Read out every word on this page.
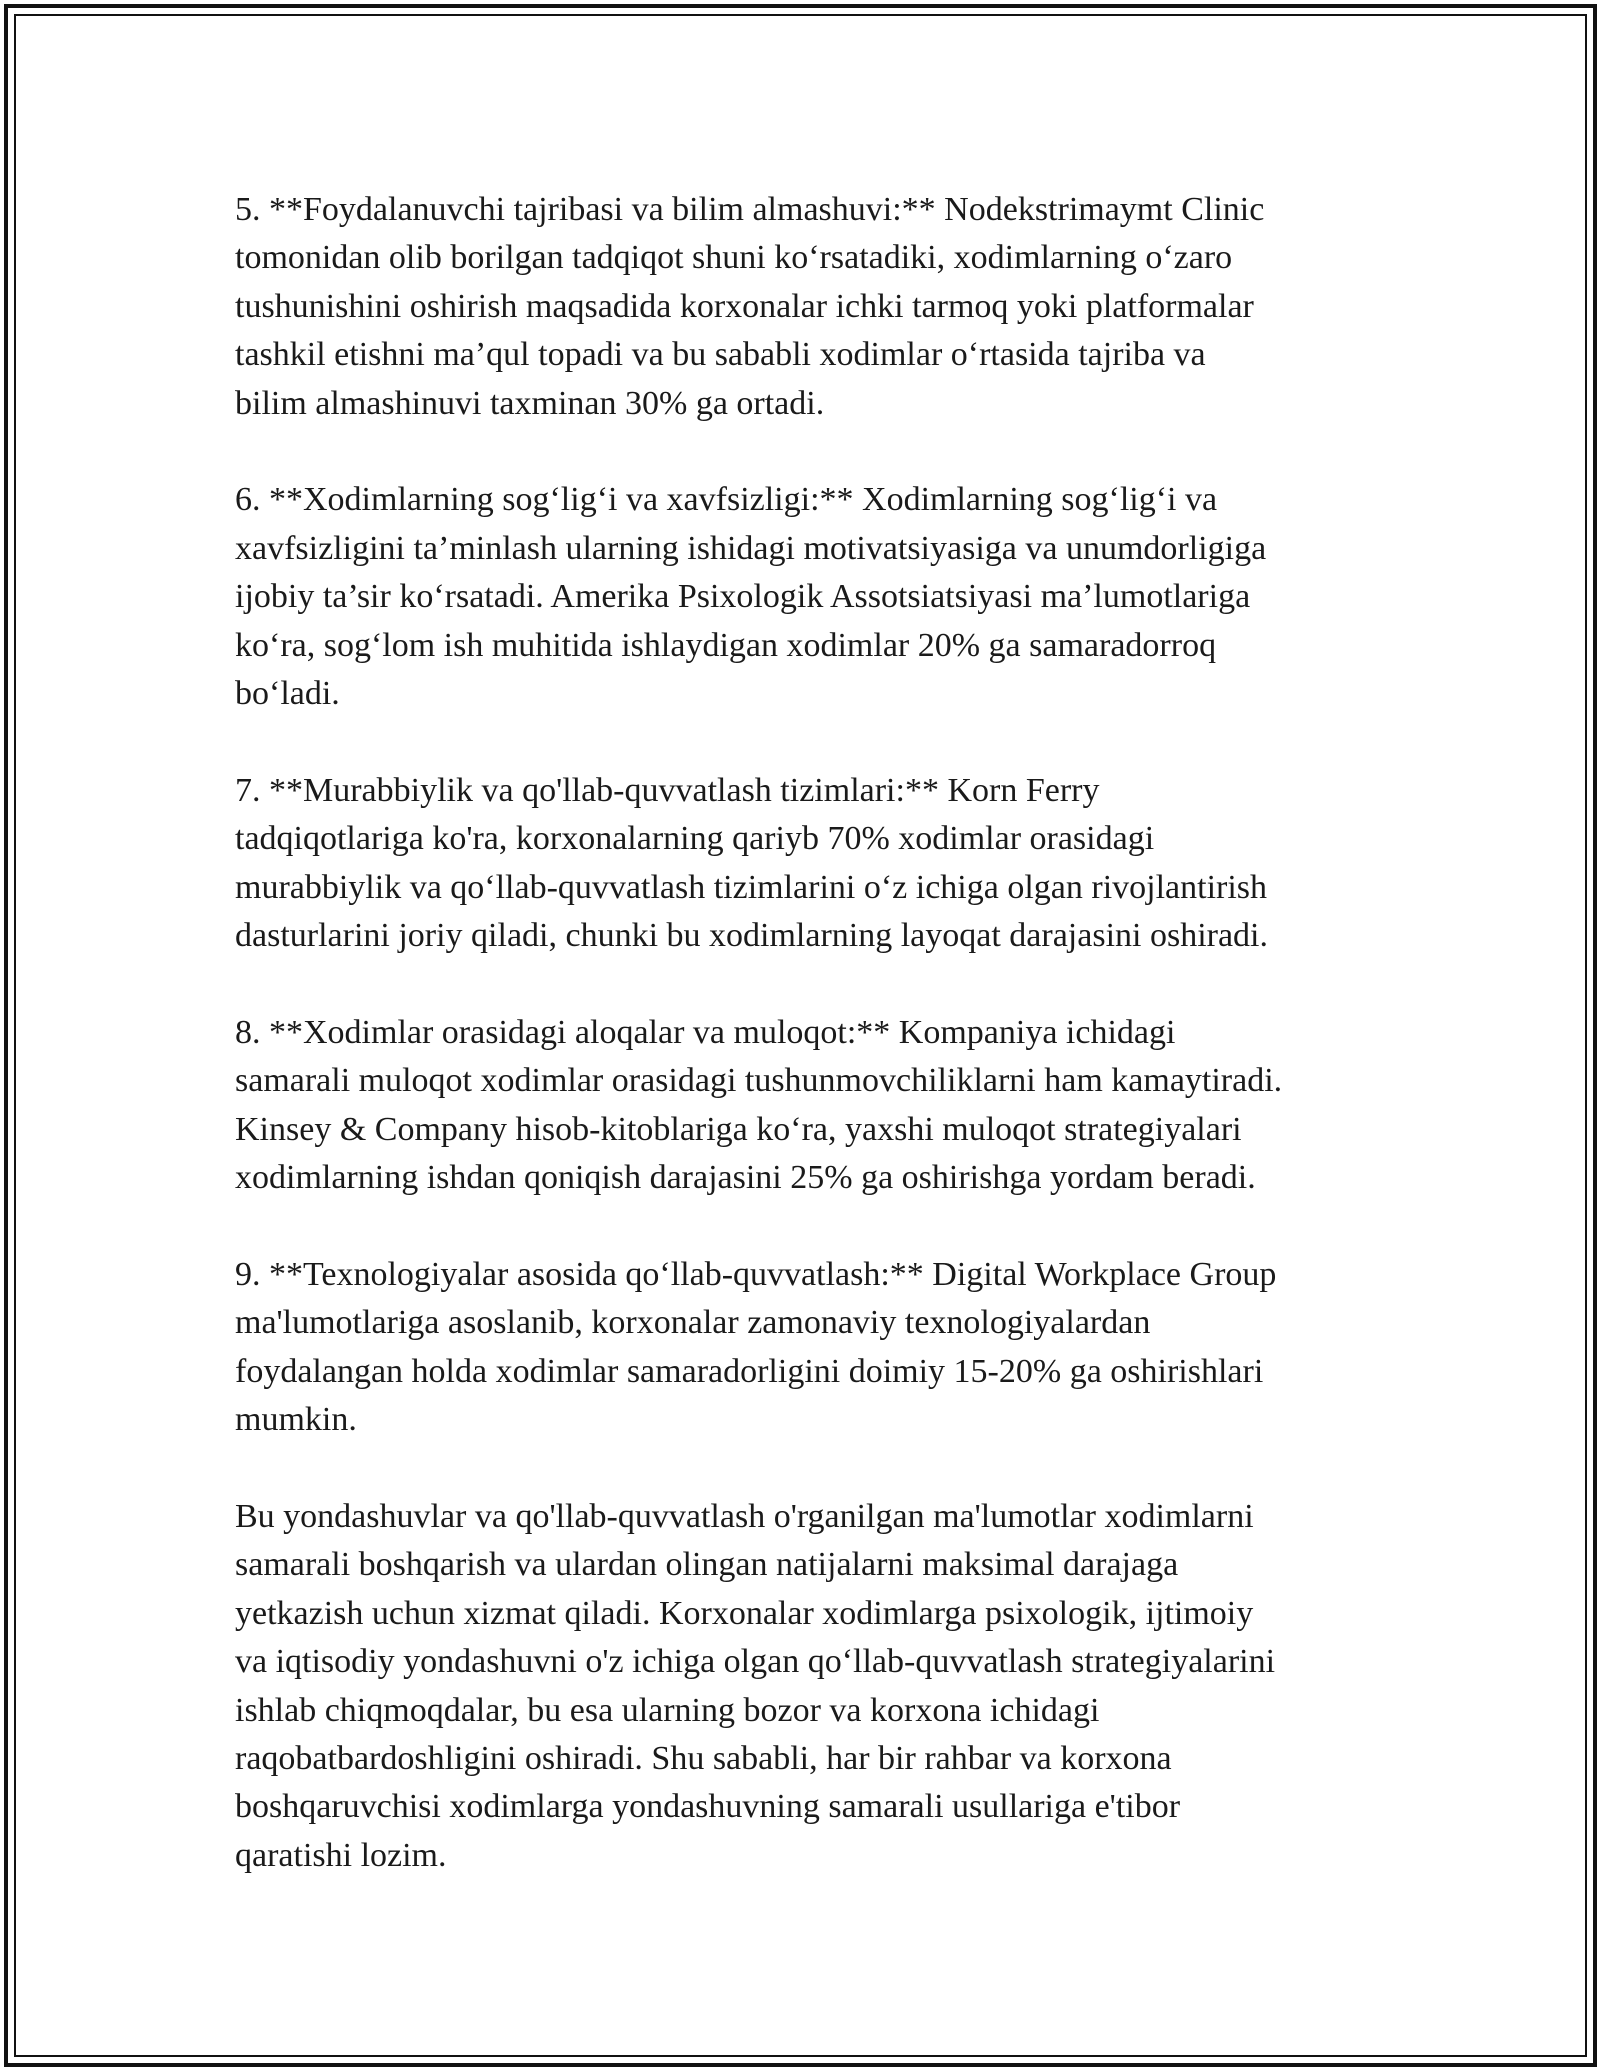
5. **Foydalanuvchi tajribasi va bilim almashuvi:** Nodekstrimaymt Clinic
tomonidan olib borilgan tadqiqot shuni ko‘rsatadiki, xodimlarning o‘zaro
tushunishini oshirish maqsadida korxonalar ichki tarmoq yoki platformalar
tashkil etishni ma’qul topadi va bu sababli xodimlar o‘rtasida tajriba va
bilim almashinuvi taxminan 30% ga ortadi.

6. **Xodimlarning sog‘lig‘i va xavfsizligi:** Xodimlarning sog‘lig‘i va
xavfsizligini ta’minlash ularning ishidagi motivatsiyasiga va unumdorligiga
ijobiy ta’sir ko‘rsatadi. Amerika Psixologik Assotsiatsiyasi ma’lumotlariga
ko‘ra, sog‘lom ish muhitida ishlaydigan xodimlar 20% ga samaradorroq
bo‘ladi.

7. **Murabbiylik va qo'llab-quvvatlash tizimlari:** Korn Ferry
tadqiqotlariga ko'ra, korxonalarning qariyb 70% xodimlar orasidagi
murabbiylik va qo‘llab-quvvatlash tizimlarini o‘z ichiga olgan rivojlantirish
dasturlarini joriy qiladi, chunki bu xodimlarning layoqat darajasini oshiradi.

8. **Xodimlar orasidagi aloqalar va muloqot:** Kompaniya ichidagi
samarali muloqot xodimlar orasidagi tushunmovchiliklarni ham kamaytiradi.
Kinsey & Company hisob-kitoblariga ko‘ra, yaxshi muloqot strategiyalari
xodimlarning ishdan qoniqish darajasini 25% ga oshirishga yordam beradi.

9. **Texnologiyalar asosida qo‘llab-quvvatlash:** Digital Workplace Group
ma'lumotlariga asoslanib, korxonalar zamonaviy texnologiyalardan
foydalangan holda xodimlar samaradorligini doimiy 15-20% ga oshirishlari
mumkin.

Bu yondashuvlar va qo'llab-quvvatlash o'rganilgan ma'lumotlar xodimlarni
samarali boshqarish va ulardan olingan natijalarni maksimal darajaga
yetkazish uchun xizmat qiladi. Korxonalar xodimlarga psixologik, ijtimoiy
va iqtisodiy yondashuvni o'z ichiga olgan qo‘llab-quvvatlash strategiyalarini
ishlab chiqmoqdalar, bu esa ularning bozor va korxona ichidagi
raqobatbardoshligini oshiradi. Shu sababli, har bir rahbar va korxona
boshqaruvchisi xodimlarga yondashuvning samarali usullariga e'tibor
qaratishi lozim.
